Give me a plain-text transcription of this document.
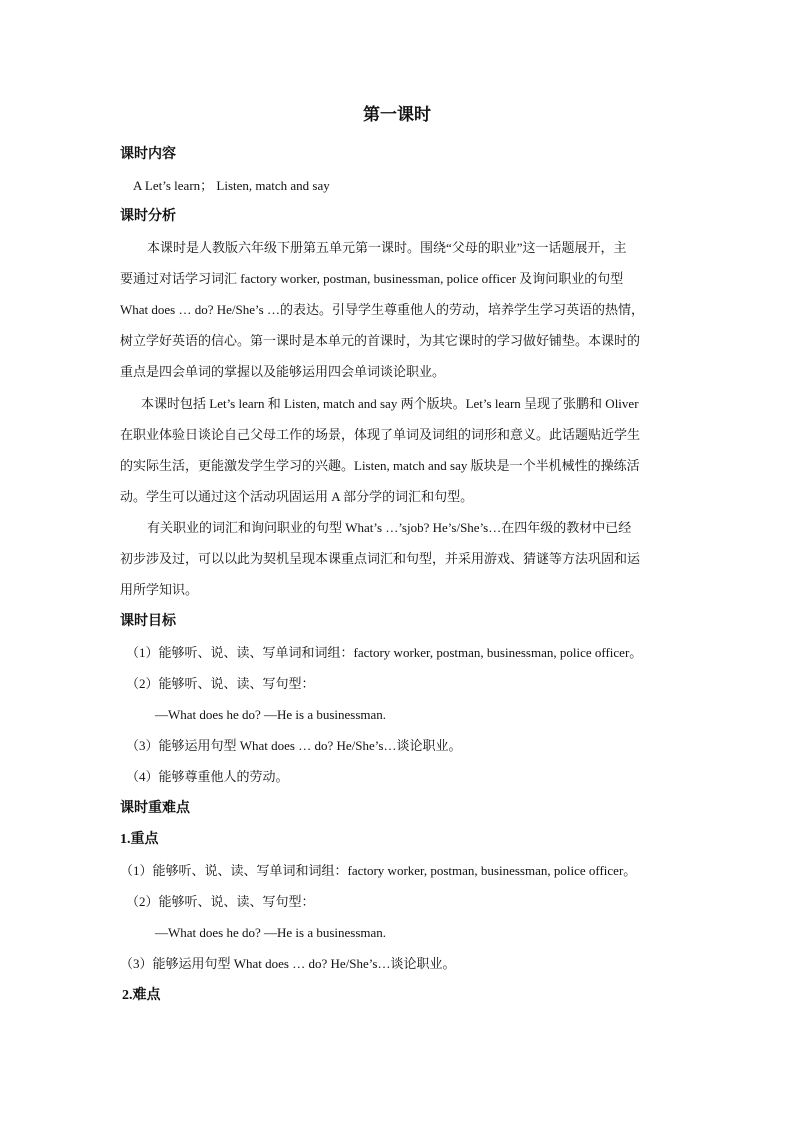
第一课时
课时内容
A Let’s learn； Listen, match and say
课时分析
本课时是人教版六年级下册第五单元第一课时。围绕“父母的职业”这一话题展开，主
要通过对话学习词汇 factory worker, postman, businessman, police officer 及询问职业的句型
What does … do? He/She’s …的表达。引导学生尊重他人的劳动，培养学生学习英语的热情，
树立学好英语的信心。第一课时是本单元的首课时，为其它课时的学习做好铺垫。本课时的
重点是四会单词的掌握以及能够运用四会单词谈论职业。
本课时包括 Let’s learn 和 Listen, match and say 两个版块。Let’s learn 呈现了张鹏和 Oliver
在职业体验日谈论自己父母工作的场景，体现了单词及词组的词形和意义。此话题贴近学生
的实际生活，更能激发学生学习的兴趣。Listen, match and say 版块是一个半机械性的操练活
动。学生可以通过这个活动巩固运用 A 部分学的词汇和句型。
有关职业的词汇和询问职业的句型 What’s …’sjob? He’s/She’s…在四年级的教材中已经
初步涉及过，可以以此为契机呈现本课重点词汇和句型，并采用游戏、猜谜等方法巩固和运
用所学知识。
课时目标
（1）能够听、说、读、写单词和词组：factory worker, postman, businessman, police officer。
（2）能够听、说、读、写句型：
—What does he do? —He is a businessman.
（3）能够运用句型 What does … do? He/She’s…谈论职业。
（4）能够尊重他人的劳动。
课时重难点
1.重点
（1）能够听、说、读、写单词和词组：factory worker, postman, businessman, police officer。
（2）能够听、说、读、写句型：
—What does he do? —He is a businessman.
（3）能够运用句型 What does … do? He/She’s…谈论职业。
2.难点
